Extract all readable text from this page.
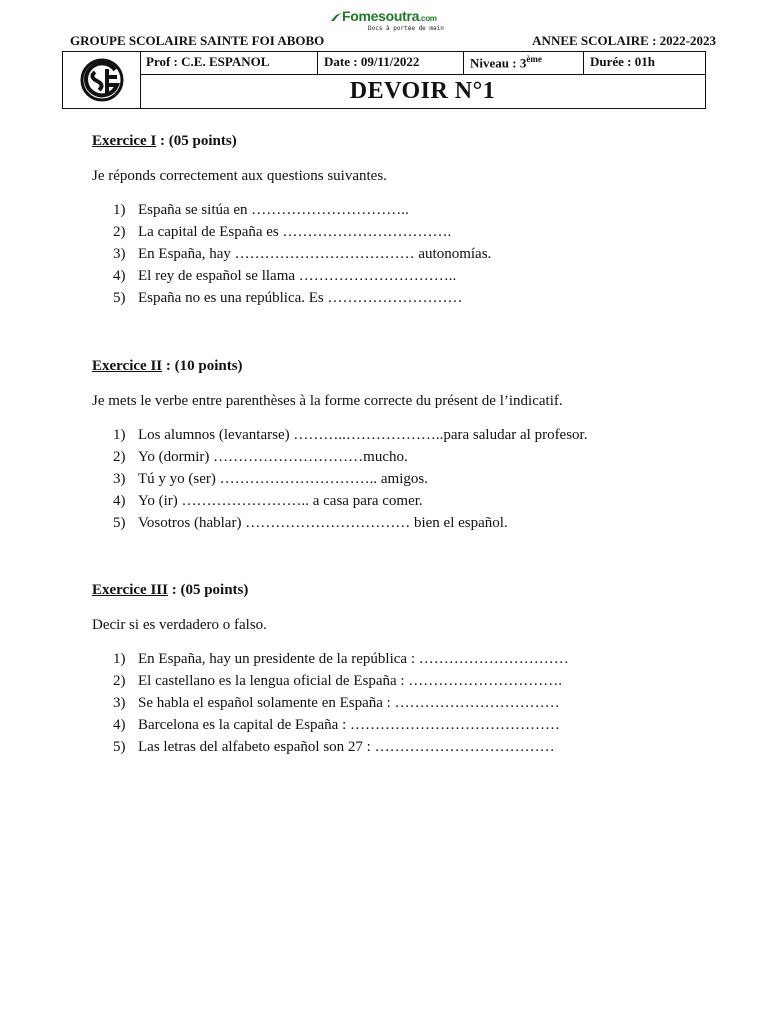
Fomesoutra.com
Docs à portée de main
GROUPE SCOLAIRE SAINTE FOI ABOBO	ANNEE SCOLAIRE : 2022-2023
Prof : C.E. ESPANOL	Date : 09/11/2022	Niveau : 3ème	Durée : 01h
DEVOIR N°1

Exercice I : (05 points)

Je réponds correctement aux questions suivantes.

1) España se sitúa en …………………………..
2) La capital de España es …………………………….
3) En España, hay ……………………………… autonomías.
4) El rey de español se llama …………………………..
5) España no es una república. Es ………………………

Exercice II : (10 points)

Je mets le verbe entre parenthèses à la forme correcte du présent de l’indicatif.

1) Los alumnos (levantarse) ………..………………..para saludar al profesor.
2) Yo (dormir) …………………………mucho.
3) Tú y yo (ser) ………………………….. amigos.
4) Yo (ir) …………………….. a casa para comer.
5) Vosotros (hablar) …………………………… bien el español.

Exercice III : (05 points)

Decir si es verdadero o falso.

1) En España, hay un presidente de la república : …………………………
2) El castellano es la lengua oficial de España : ………………………….
3) Se habla el español solamente en España : ……………………………
4) Barcelona es la capital de España : ……………………………………
5) Las letras del alfabeto español son 27 : ………………………………
